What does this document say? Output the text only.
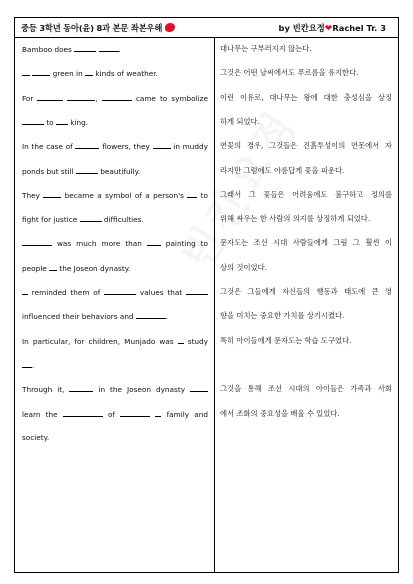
중등 3학년 동아(윤) 8과 본문 좌본우해	by 빈칸요정❤Rachel Tr. 3
Bamboo does	.
green in  kinds of weather.
For	,	came to symbolize
to  king.
In the case of	flowers, they  in muddy
ponds but still	beautifully.
They  became a symbol of a person's  to
fight for justice	difficulties.
was much more than  painting to
people  the Joseon dynasty.
reminded them of	values that
influenced their behaviors and	.
In particular, for children, Munjado was  study
.
Through it,	in the Joseon dynasty
learn the	of	family and
society.
대나무는 구부러지지 않는다.
그것은 어떤 날씨에서도 푸르름을 유지한다.
이런 이유로, 대나무는 왕에 대한 충성심을 상징
하게 되었다.
연꽃의 경우, 그것들은 진흙투성이의 연못에서 자
라지만 그럼에도 아름답게 꽃을 피운다.
그래서 그 꽃들은 어려움에도 불구하고 정의를
위해 싸우는 한 사람의 의지를 상징하게 되었다.
문자도는 조선 시대 사람들에게 그림 그 훨씬 이
상의 것이었다.
그것은 그들에게 자신들의 행동과 태도에 큰 영
향을 미치는 중요한 가치를 상기시켰다.
특히 아이들에게 문자도는 학습 도구였다.
그것을 통해 조선 시대의 아이들은 가족과 사회
에서 조화의 중요성을 배울 수 있었다.
